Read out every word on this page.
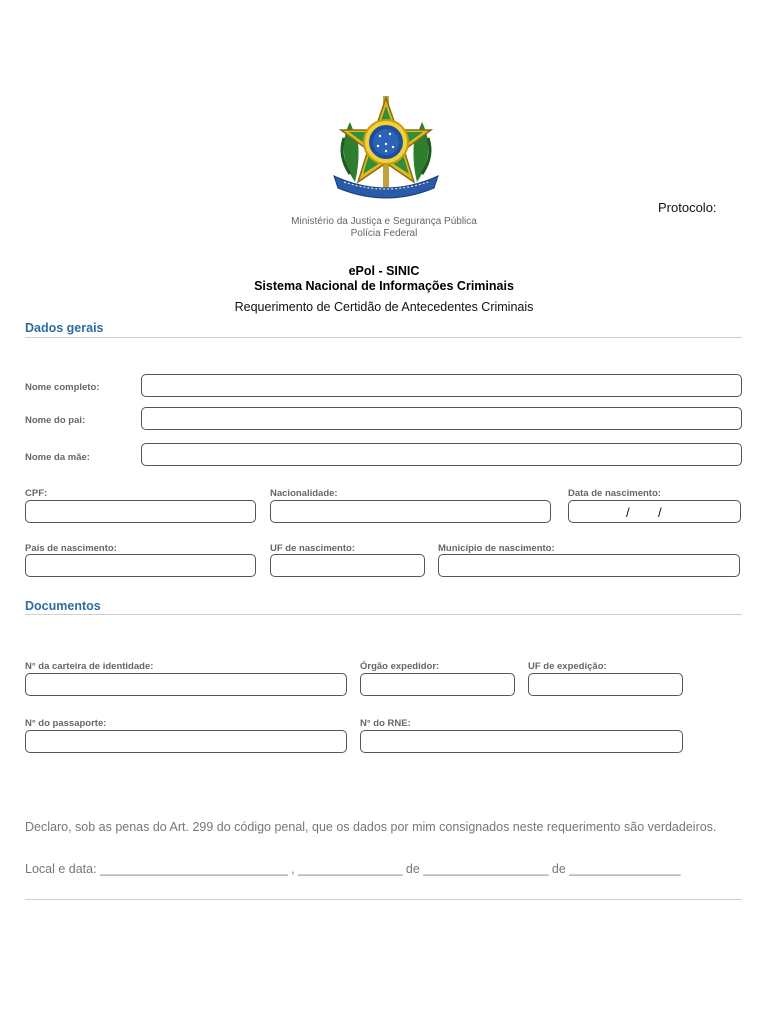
Protocolo:
Ministério da Justiça e Segurança Pública
Polícia Federal
ePol - SINIC
Sistema Nacional de Informações Criminais
Requerimento de Certidão de Antecedentes Criminais
Dados gerais
Nome completo:
Nome do pai:
Nome da mãe:
CPF:	Nacionalidade:	Data de nascimento:
/ /
País de nascimento:	UF de nascimento:	Município de nascimento:
Documentos
N° da carteira de identidade:	Órgão expedidor:	UF de expedição:
N° do passaporte:	N° do RNE:
Declaro, sob as penas do Art. 299 do código penal, que os dados por mim consignados neste requerimento são verdadeiros.
Local e data: ___________________________ , _______________ de __________________ de ________________
